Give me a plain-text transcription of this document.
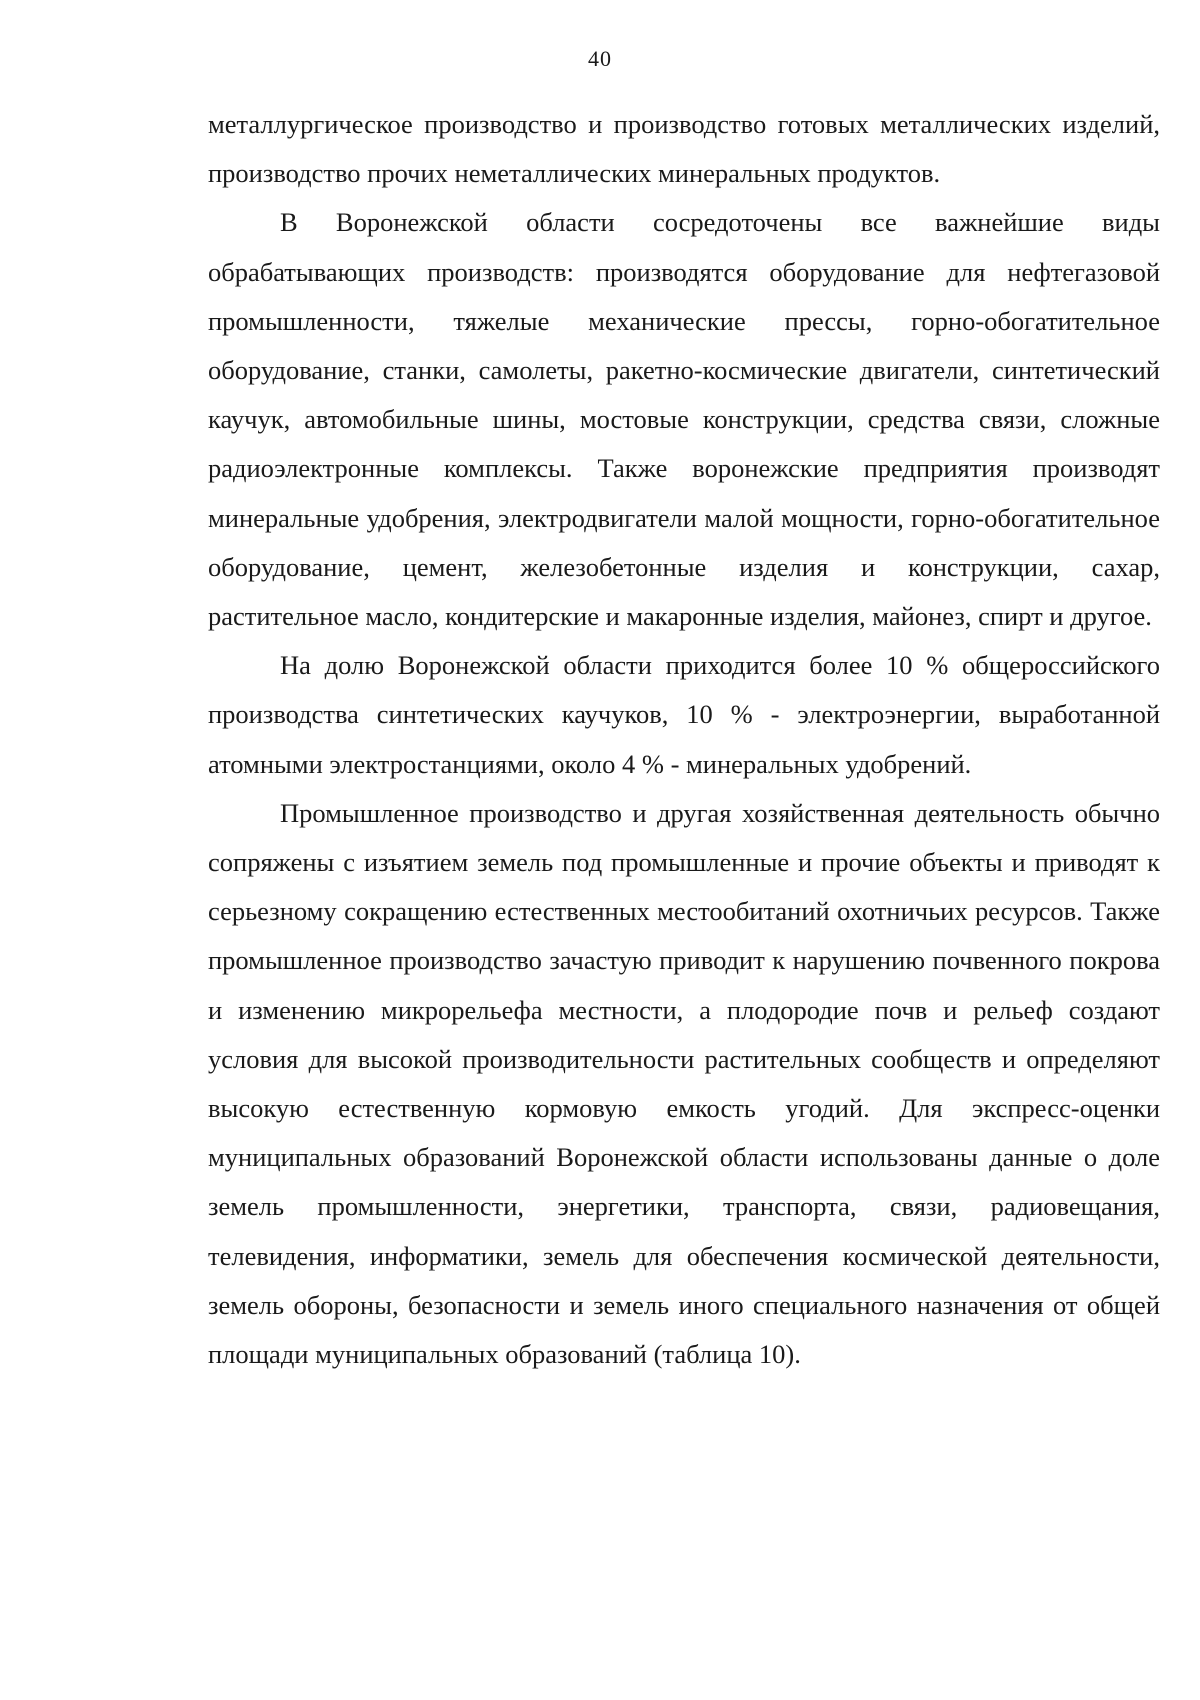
40

металлургическое производство и производство готовых металлических изделий, производство прочих неметаллических минеральных продуктов.

В Воронежской области сосредоточены все важнейшие виды обрабатывающих производств: производятся оборудование для нефтегазовой промышленности, тяжелые механические прессы, горно-обогатительное оборудование, станки, самолеты, ракетно-космические двигатели, синтетический каучук, автомобильные шины, мостовые конструкции, средства связи, сложные радиоэлектронные комплексы. Также воронежские предприятия производят минеральные удобрения, электродвигатели малой мощности, горно-обогатительное оборудование, цемент, железобетонные изделия и конструкции, сахар, растительное масло, кондитерские и макаронные изделия, майонез, спирт и другое.

На долю Воронежской области приходится более 10 % общероссийского производства синтетических каучуков, 10 % - электроэнергии, выработанной атомными электростанциями, около 4 % - минеральных удобрений.

Промышленное производство и другая хозяйственная деятельность обычно сопряжены с изъятием земель под промышленные и прочие объекты и приводят к серьезному сокращению естественных местообитаний охотничьих ресурсов. Также промышленное производство зачастую приводит к нарушению почвенного покрова и изменению микрорельефа местности, а плодородие почв и рельеф создают условия для высокой производительности растительных сообществ и определяют высокую естественную кормовую емкость угодий. Для экспресс-оценки муниципальных образований Воронежской области использованы данные о доле земель промышленности, энергетики, транспорта, связи, радиовещания, телевидения, информатики, земель для обеспечения космической деятельности, земель обороны, безопасности и земель иного специального назначения от общей площади муниципальных образований (таблица 10).
